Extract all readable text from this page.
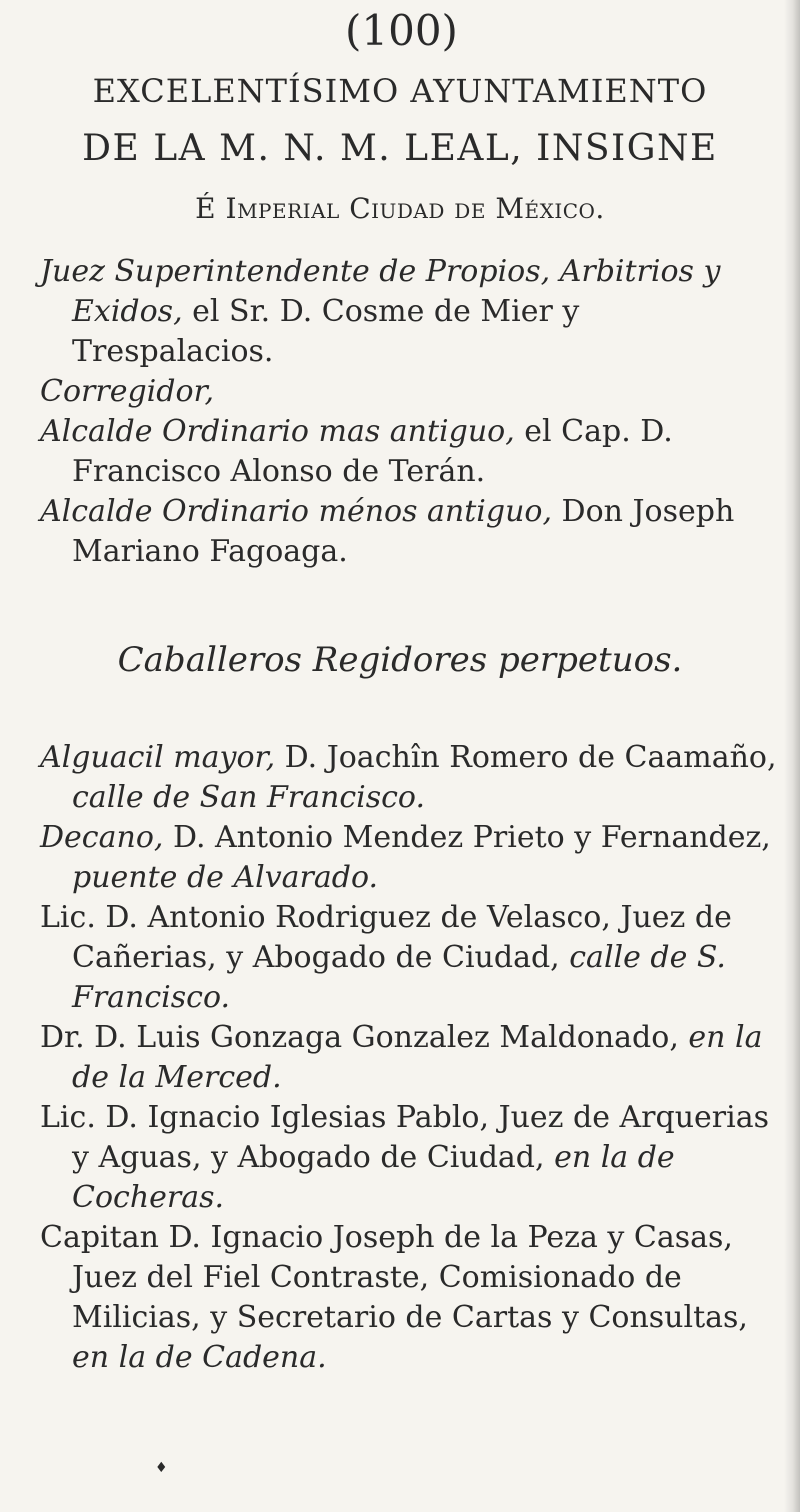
(100)
EXCELENTÍSIMO AYUNTAMIENTO
DE LA M. N. M. LEAL, INSIGNE
É Imperial Ciudad de México.
Juez Superintendente de Propios, Arbitrios y Exidos, el Sr. D. Cosme de Mier y Trespalacios.
Corregidor,
Alcalde Ordinario mas antiguo, el Cap. D. Francisco Alonso de Terán.
Alcalde Ordinario ménos antiguo, Don Joseph Mariano Fagoaga.
Caballeros Regidores perpetuos.
Alguacil mayor, D. Joachîn Romero de Caamaño, calle de San Francisco.
Decano, D. Antonio Mendez Prieto y Fernandez, puente de Alvarado.
Lic. D. Antonio Rodriguez de Velasco, Juez de Cañerias, y Abogado de Ciudad, calle de S. Francisco.
Dr. D. Luis Gonzaga Gonzalez Maldonado, en la de la Merced.
Lic. D. Ignacio Iglesias Pablo, Juez de Arquerias y Aguas, y Abogado de Ciudad, en la de Cocheras.
Capitan D. Ignacio Joseph de la Peza y Casas, Juez del Fiel Contraste, Comisionado de Milicias, y Secretario de Cartas y Consultas, en la de Cadena.
♦
